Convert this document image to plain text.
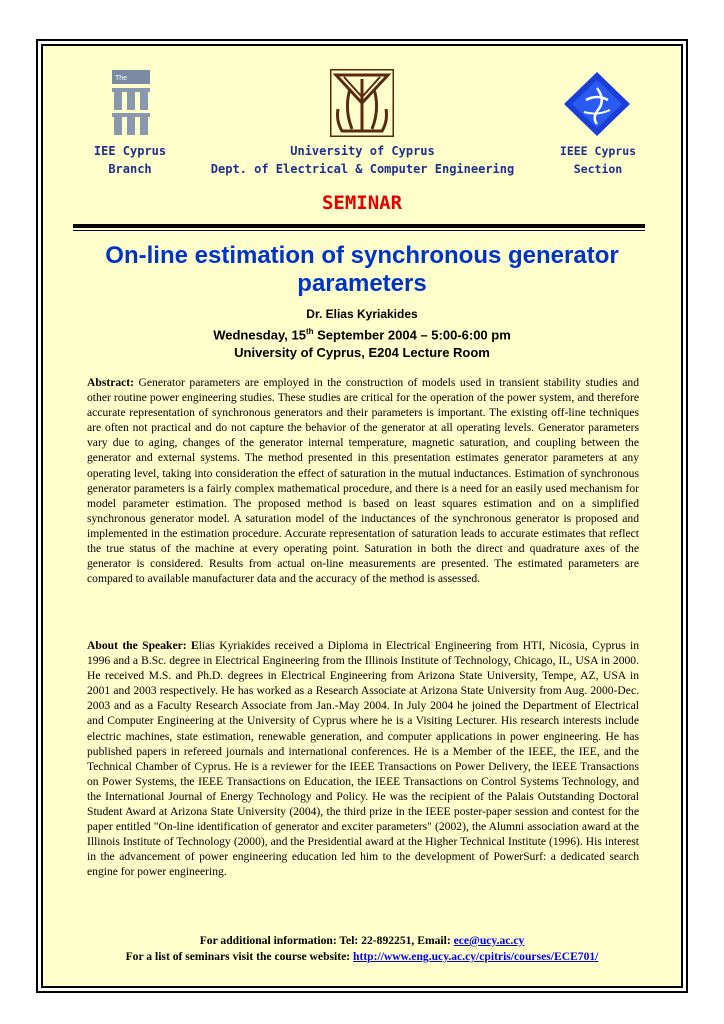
The
IEE Cyprus
Branch
University of Cyprus
Dept. of Electrical & Computer Engineering
IEEE Cyprus
Section
SEMINAR
On-line estimation of synchronous generator parameters
Dr. Elias Kyriakides
Wednesday, 15th September 2004 – 5:00-6:00 pm
University of Cyprus, E204 Lecture Room
Abstract: Generator parameters are employed in the construction of models used in transient stability studies and other routine power engineering studies. These studies are critical for the operation of the power system, and therefore accurate representation of synchronous generators and their parameters is important. The existing off-line techniques are often not practical and do not capture the behavior of the generator at all operating levels. Generator parameters vary due to aging, changes of the generator internal temperature, magnetic saturation, and coupling between the generator and external systems. The method presented in this presentation estimates generator parameters at any operating level, taking into consideration the effect of saturation in the mutual inductances. Estimation of synchronous generator parameters is a fairly complex mathematical procedure, and there is a need for an easily used mechanism for model parameter estimation. The proposed method is based on least squares estimation and on a simplified synchronous generator model. A saturation model of the inductances of the synchronous generator is proposed and implemented in the estimation procedure. Accurate representation of saturation leads to accurate estimates that reflect the true status of the machine at every operating point. Saturation in both the direct and quadrature axes of the generator is considered. Results from actual on-line measurements are presented. The estimated parameters are compared to available manufacturer data and the accuracy of the method is assessed.
About the Speaker: Elias Kyriakides received a Diploma in Electrical Engineering from HTI, Nicosia, Cyprus in 1996 and a B.Sc. degree in Electrical Engineering from the Illinois Institute of Technology, Chicago, IL, USA in 2000. He received M.S. and Ph.D. degrees in Electrical Engineering from Arizona State University, Tempe, AZ, USA in 2001 and 2003 respectively. He has worked as a Research Associate at Arizona State University from Aug. 2000-Dec. 2003 and as a Faculty Research Associate from Jan.-May 2004. In July 2004 he joined the Department of Electrical and Computer Engineering at the University of Cyprus where he is a Visiting Lecturer. His research interests include electric machines, state estimation, renewable generation, and computer applications in power engineering. He has published papers in refereed journals and international conferences. He is a Member of the IEEE, the IEE, and the Technical Chamber of Cyprus. He is a reviewer for the IEEE Transactions on Power Delivery, the IEEE Transactions on Power Systems, the IEEE Transactions on Education, the IEEE Transactions on Control Systems Technology, and the International Journal of Energy Technology and Policy. He was the recipient of the Palais Outstanding Doctoral Student Award at Arizona State University (2004), the third prize in the IEEE poster-paper session and contest for the paper entitled "On-line identification of generator and exciter parameters" (2002), the Alumni association award at the Illinois Institute of Technology (2000), and the Presidential award at the Higher Technical Institute (1996). His interest in the advancement of power engineering education led him to the development of PowerSurf: a dedicated search engine for power engineering.
For additional information: Tel: 22-892251, Email: ece@ucy.ac.cy
For a list of seminars visit the course website: http://www.eng.ucy.ac.cy/cpitris/courses/ECE701/
